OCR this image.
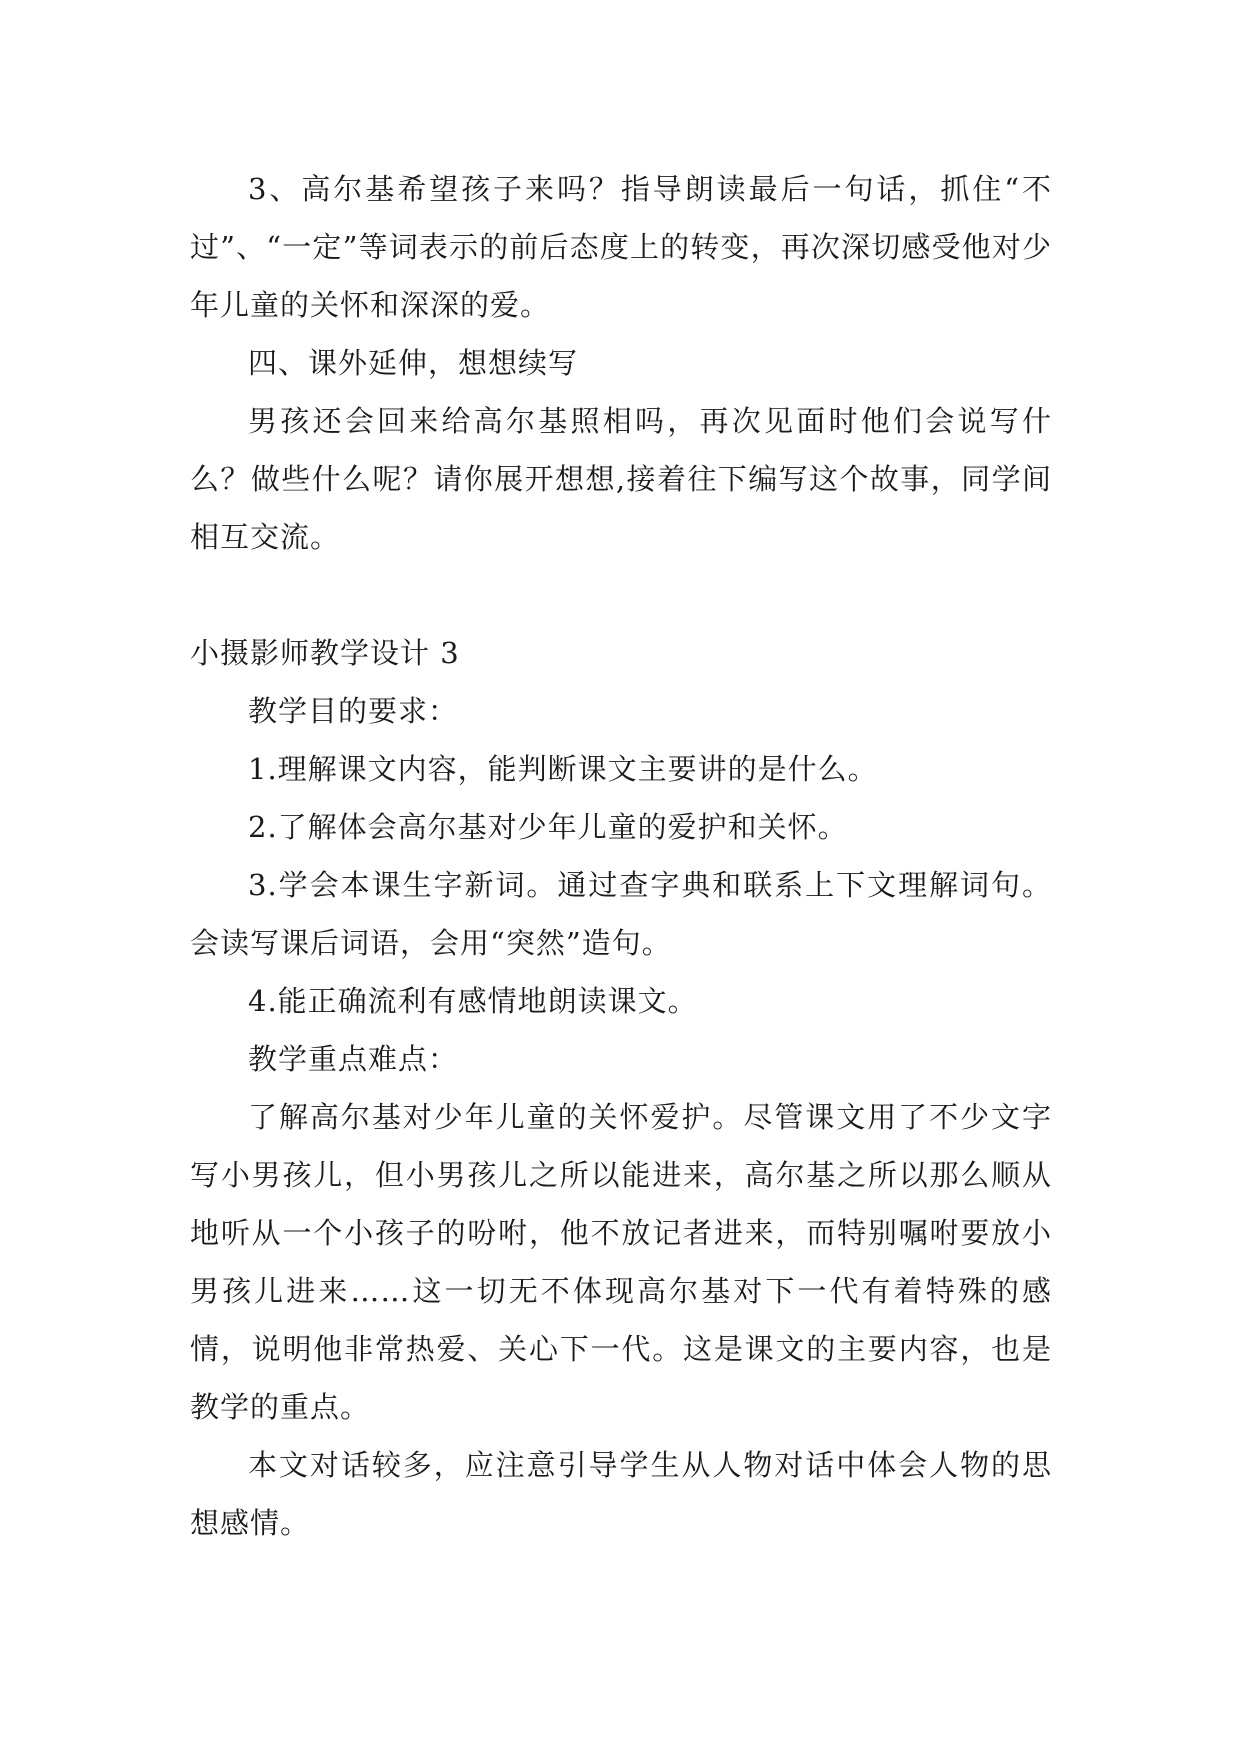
3、高尔基希望孩子来吗？指导朗读最后一句话，抓住“不过”、“一定”等词表示的前后态度上的转变，再次深切感受他对少年儿童的关怀和深深的爱。

四、课外延伸，想想续写

男孩还会回来给高尔基照相吗，再次见面时他们会说写什么？做些什么呢？请你展开想想,接着往下编写这个故事，同学间相互交流。

小摄影师教学设计 3

教学目的要求：

1.理解课文内容，能判断课文主要讲的是什么。

2.了解体会高尔基对少年儿童的爱护和关怀。

3.学会本课生字新词。通过查字典和联系上下文理解词句。会读写课后词语，会用“突然”造句。

4.能正确流利有感情地朗读课文。

教学重点难点：

了解高尔基对少年儿童的关怀爱护。尽管课文用了不少文字写小男孩儿，但小男孩儿之所以能进来，高尔基之所以那么顺从地听从一个小孩子的吩咐，他不放记者进来，而特别嘱咐要放小男孩儿进来……这一切无不体现高尔基对下一代有着特殊的感情，说明他非常热爱、关心下一代。这是课文的主要内容，也是教学的重点。

本文对话较多，应注意引导学生从人物对话中体会人物的思想感情。
